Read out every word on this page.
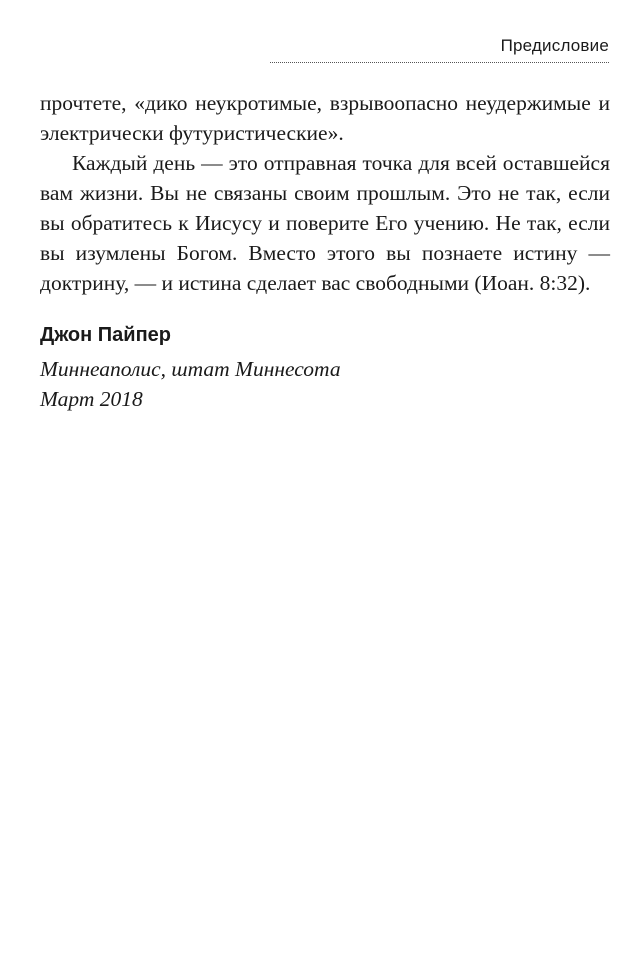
Предисловие

прочтете, «дико неукротимые, взрывоопасно неудержимые и электрически футуристические».

Каждый день — это отправная точка для всей оставшейся вам жизни. Вы не связаны своим прошлым. Это не так, если вы обратитесь к Иисусу и поверите Его учению. Не так, если вы изумлены Богом. Вместо этого вы познаете истину — доктрину, — и истина сделает вас свободными (Иоан. 8:32).

Джон Пайпер
Миннеаполис, штат Миннесота
Март 2018
